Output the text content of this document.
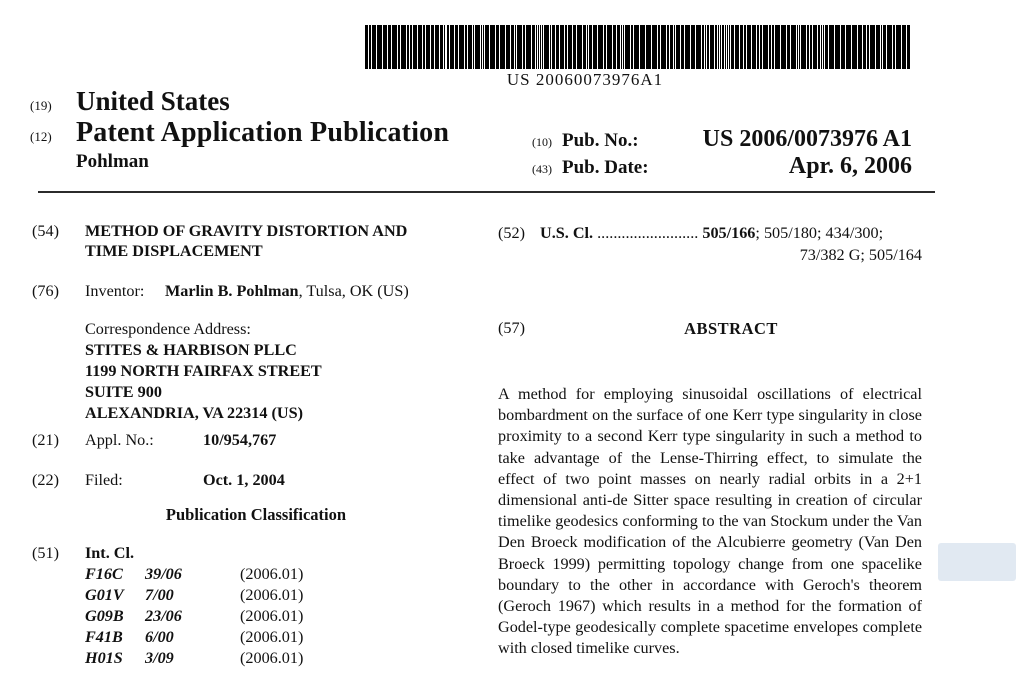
US 20060073976A1
(19) United States
(12) Patent Application Publication
Pohlman
(10) Pub. No.:	US 2006/0073976 A1
(43) Pub. Date:	Apr. 6, 2006
(54) METHOD OF GRAVITY DISTORTION AND TIME DISPLACEMENT
(76) Inventor: Marlin B. Pohlman, Tulsa, OK (US)
Correspondence Address:
STITES & HARBISON PLLC
1199 NORTH FAIRFAX STREET
SUITE 900
ALEXANDRIA, VA 22314 (US)
(21) Appl. No.:	10/954,767
(22) Filed:	Oct. 1, 2004
Publication Classification
(51) Int. Cl.
F16C 39/06	(2006.01)
G01V 7/00	(2006.01)
G09B 23/06	(2006.01)
F41B 6/00	(2006.01)
H01S 3/09	(2006.01)
(52) U.S. Cl. ......................... 505/166; 505/180; 434/300;
73/382 G; 505/164
(57)	ABSTRACT
A method for employing sinusoidal oscillations of electrical bombardment on the surface of one Kerr type singularity in close proximity to a second Kerr type singularity in such a method to take advantage of the Lense-Thirring effect, to simulate the effect of two point masses on nearly radial orbits in a 2+1 dimensional anti-de Sitter space resulting in creation of circular timelike geodesics conforming to the van Stockum under the Van Den Broeck modification of the Alcubierre geometry (Van Den Broeck 1999) permitting topology change from one spacelike boundary to the other in accordance with Geroch's theorem (Geroch 1967) which results in a method for the formation of Godel-type geodesically complete spacetime envelopes complete with closed timelike curves.
